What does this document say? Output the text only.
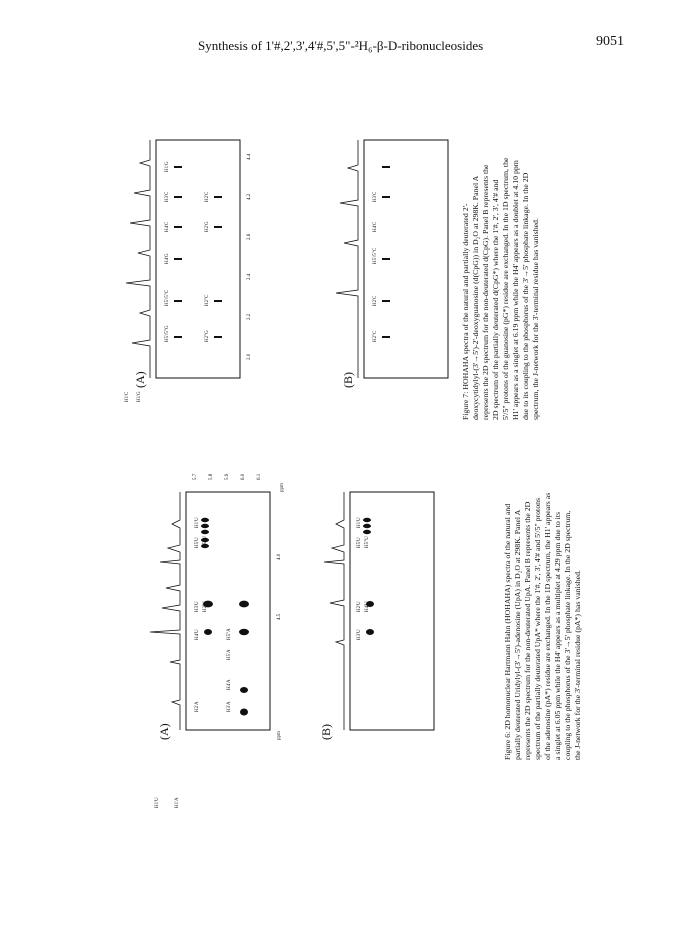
Synthesis of 1'#,2',3',4'#,5',5"-²H₆-β-D-ribonucleosides	9051
ppm
(A)	(B)
(A)	(B)
Figure 6: 2D homonuclear Hartmann Hahn (HOHAHA) spectra of the natural and partially deuterated Uridylyl-(3'→5')-adenosine (UpA) in D₂O at 298K. Panel A represents the 2D spectrum for the non-deuterated UpA. Panel B represents the 2D spectrum of the partially deuterated UpA* where the 1'#, 2', 3', 4'# and 5'/5" protons of the adenosine (pA*) residue are exchanged. In the 1D spectrum, the H1' appears as a singlet at 6.05 ppm while the H4' appears as a multiplet at 4.29 ppm due to its coupling to the phosphorus of the 3'→5' phosphate linkage. In the 2D spectrum, the J-network for the 3'-terminal residue (pA*) has vanished.
Figure 7: HOHAHA spectra of the natural and partially deuterated 2'- deoxycytidylyl-(3'→5')-2'-deoxyguanosine (d(CpG)) in D₂O at 298K. Panel A represents the 2D spectrum for the non-deuterated d(CpG). Panel B represents the 2D spectrum of the partially deuterated d(CpG*) where the 1'#, 2', 3', 4'# and 5'/5" protons of the guanosine (pG*) residue are exchanged. In the 1D spectrum, the H1' appears as a singlet at 6.19 ppm while the H4' appears as a doublet at 4.10 ppm due to its coupling to the phosphorus of the 3'→5' phosphate linkage. In the 2D spectrum, the J-network for the 3'-terminal residue has vanished.
H1'U
H2'A
H3'U
H4'A
H3'A
H4'U
H5'A
H5"A
H2'U
H5'U H5"U
H1'U	H1'A
4.5
4.0
ppm
5.7 5.8 5.9 6.0 6.1
H1'U
H2'U
H3'U
H4'U
H5'U H5"U
H1'G
H3'C
H4'C
H4'G
H5'/5"C
H5'/5"G
H2'C
H2'G
H2"C
H2"G
H1'C H1'G
4.4
4.2
2.6
2.4
2.2
2.0
H3'C
H4'C
H5'/5"C
H2'C
H2"C
